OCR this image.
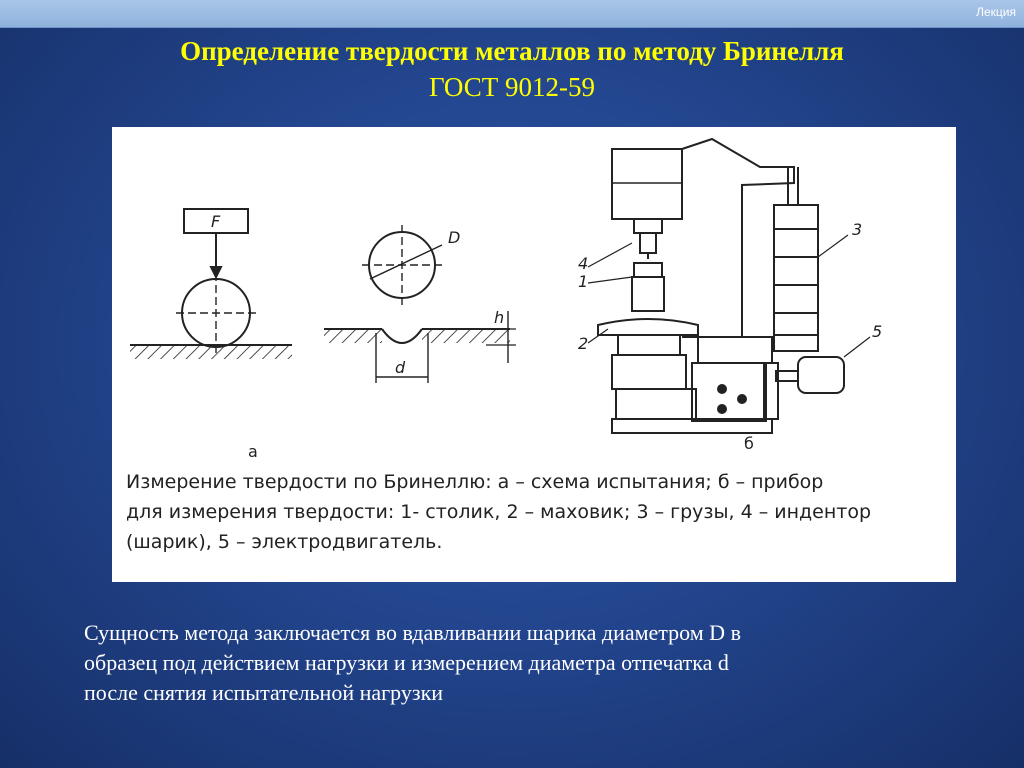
Лекция
Определение твердости металлов по методу Бринелля
ГОСТ 9012-59
F
D
h
d
4
1
2
3
5
а	б
Измерение твердости по Бринеллю: а – схема испытания; б – прибор
для измерения твердости: 1- столик, 2 – маховик; 3 – грузы, 4 – индентор
(шарик), 5 – электродвигатель.
Сущность метода заключается во вдавливании шарика диаметром D в
образец под действием нагрузки и измерением диаметра отпечатка d
после снятия испытательной нагрузки
